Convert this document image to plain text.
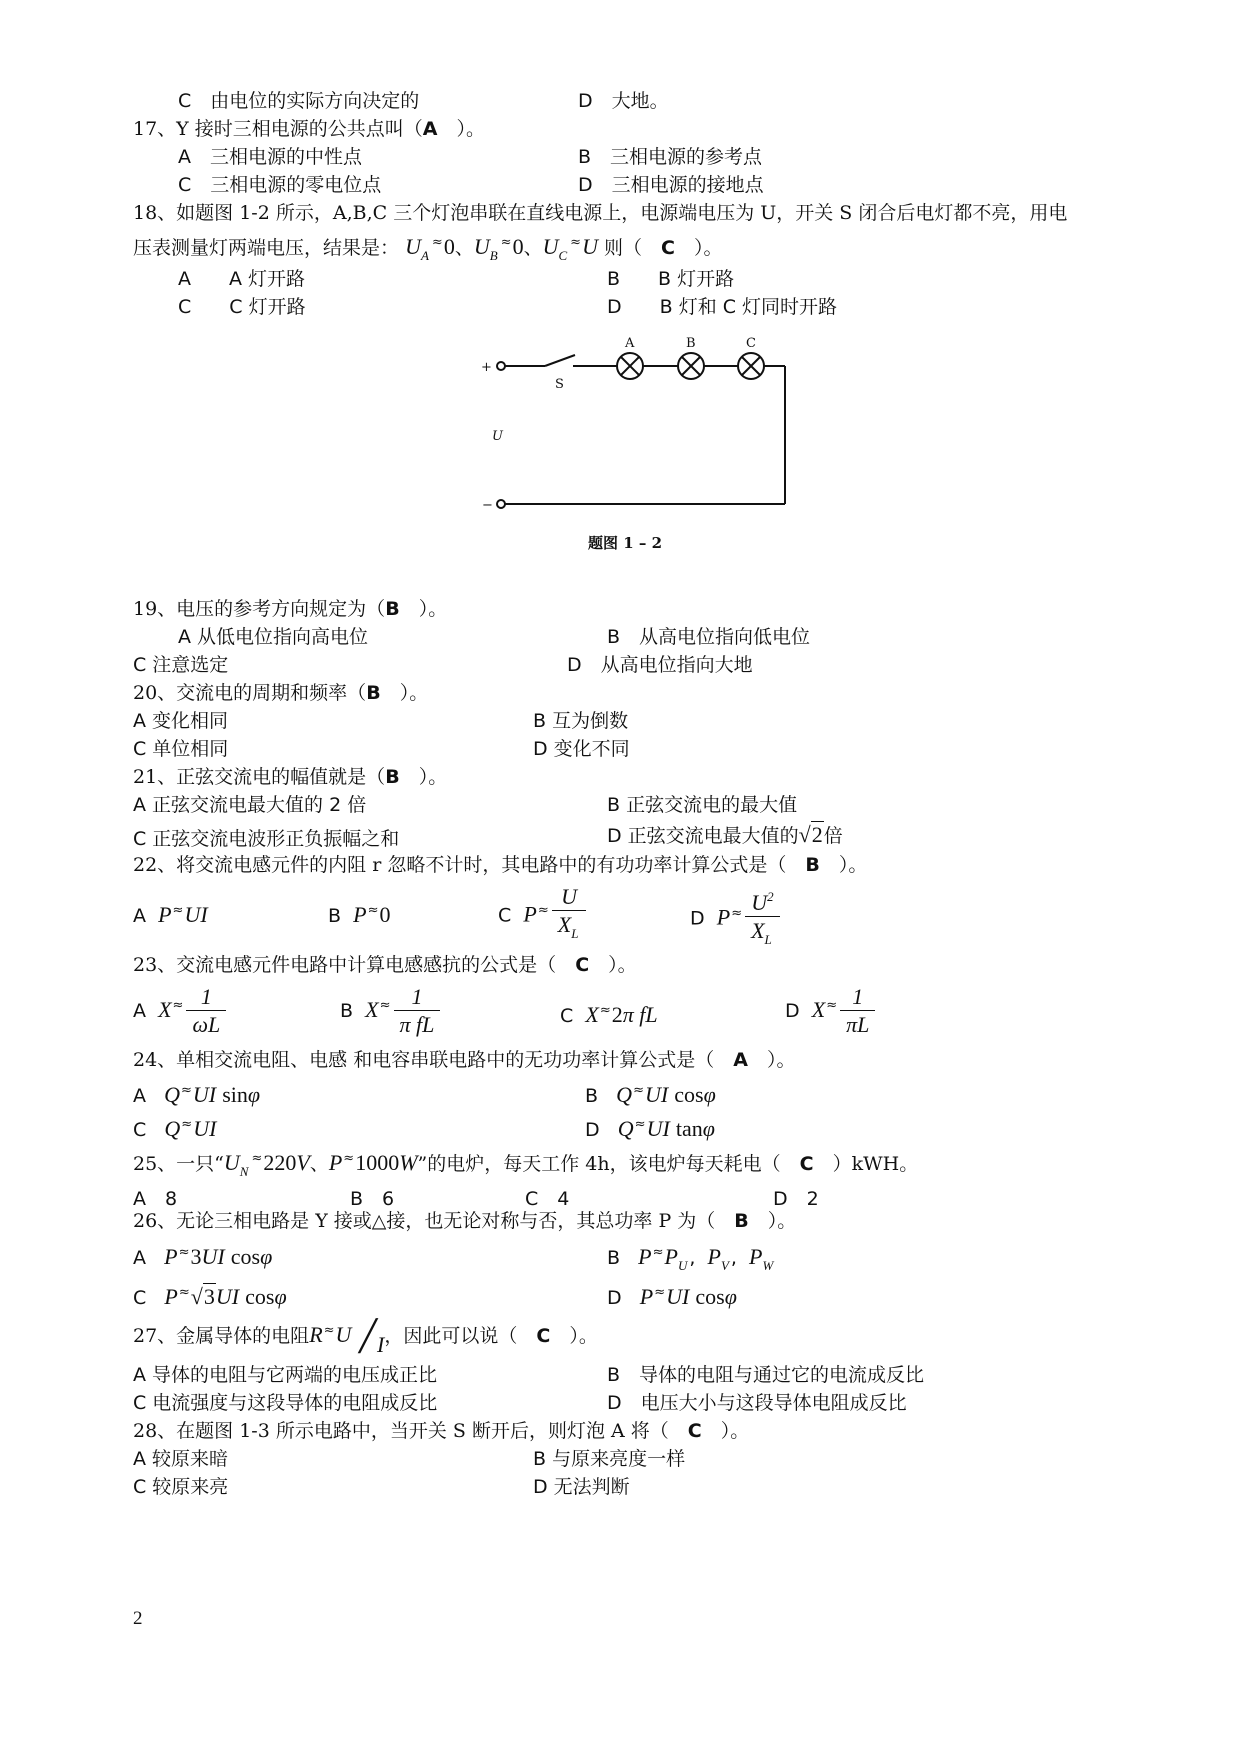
C　由电位的实际方向决定的	D　大地。
17、Y 接时三相电源的公共点叫（A　 ）。
A　三相电源的中性点	B　三相电源的参考点
C　三相电源的零电位点	D　三相电源的接地点
18、如题图 1-2 所示，A,B,C 三个灯泡串联在直线电源上，电源端电压为 U，开关 S 闭合后电灯都不亮，用电
压表测量灯两端电压，结果是： $U_A^\approx 0$、$U_B^\approx 0$、$U_C^\approx U$ 则（　 C　 ）。
A　　A 灯开路	B　　B 灯开路
C　　C 灯开路	D　　B 灯和 C 灯同时开路
+
−
S
U
A	B	C
题图 1 – 2
19、电压的参考方向规定为（B　 ）。
A 从低电位指向高电位	B　从高电位指向低电位
C 注意选定	D　从高电位指向大地
20、交流电的周期和频率（B　 ）。
A 变化相同	B 互为倒数
C 单位相同	D 变化不同
21、正弦交流电的幅值就是（B　 ）。
A 正弦交流电最大值的 2 倍	B 正弦交流电的最大值
C 正弦交流电波形正负振幅之和	D 正弦交流电最大值的√2倍
22、将交流电感元件的内阻 r 忽略不计时，其电路中的有功功率计算公式是（　 B　 ）。
A P≈UI	B P≈0	C $P^\approx \frac{U}{X_L}$	D $P^\approx \frac{U^2}{X_L}$
23、交流电感元件电路中计算电感感抗的公式是（　 C　 ）。
A $X^\approx \frac{1}{\omega L}$	B $X^\approx \frac{1}{\text{π fL}}$	C X≈2π fL	D $X^\approx \frac{1}{\pi L}$
24、单相交流电阻、电感 和电容串联电路中的无功功率计算公式是（　 A　 ）。
A Q≈UI sinφ	B Q≈UI cosφ
C Q≈UI	D Q≈UI tanφ
25、一只“$U_N^\approx 220V$、P≈1000W”的电炉，每天工作 4h，该电炉每天耗电（　 C　 ）kWH。
A　8	B　6	C　4	D　2
26、无论三相电路是 Y 接或△接，也无论对称与否，其总功率 P 为（　 B　 ）。
A P≈3UI cosφ	B $P^\approx P_U$ ,  $P_V$ ,  $P_W$
C P≈√3UI cosφ	D P≈UI cosφ
27、金属导体的电阻R≈U ╱I，因此可以说（　 C　 ）。
A 导体的电阻与它两端的电压成正比	B　导体的电阻与通过它的电流成反比
C 电流强度与这段导体的电阻成反比	D　电压大小与这段导体电阻成反比
28、在题图 1-3 所示电路中，当开关 S 断开后，则灯泡 A 将（　 C　 ）。
A 较原来暗	B 与原来亮度一样
C 较原来亮	D 无法判断
2
